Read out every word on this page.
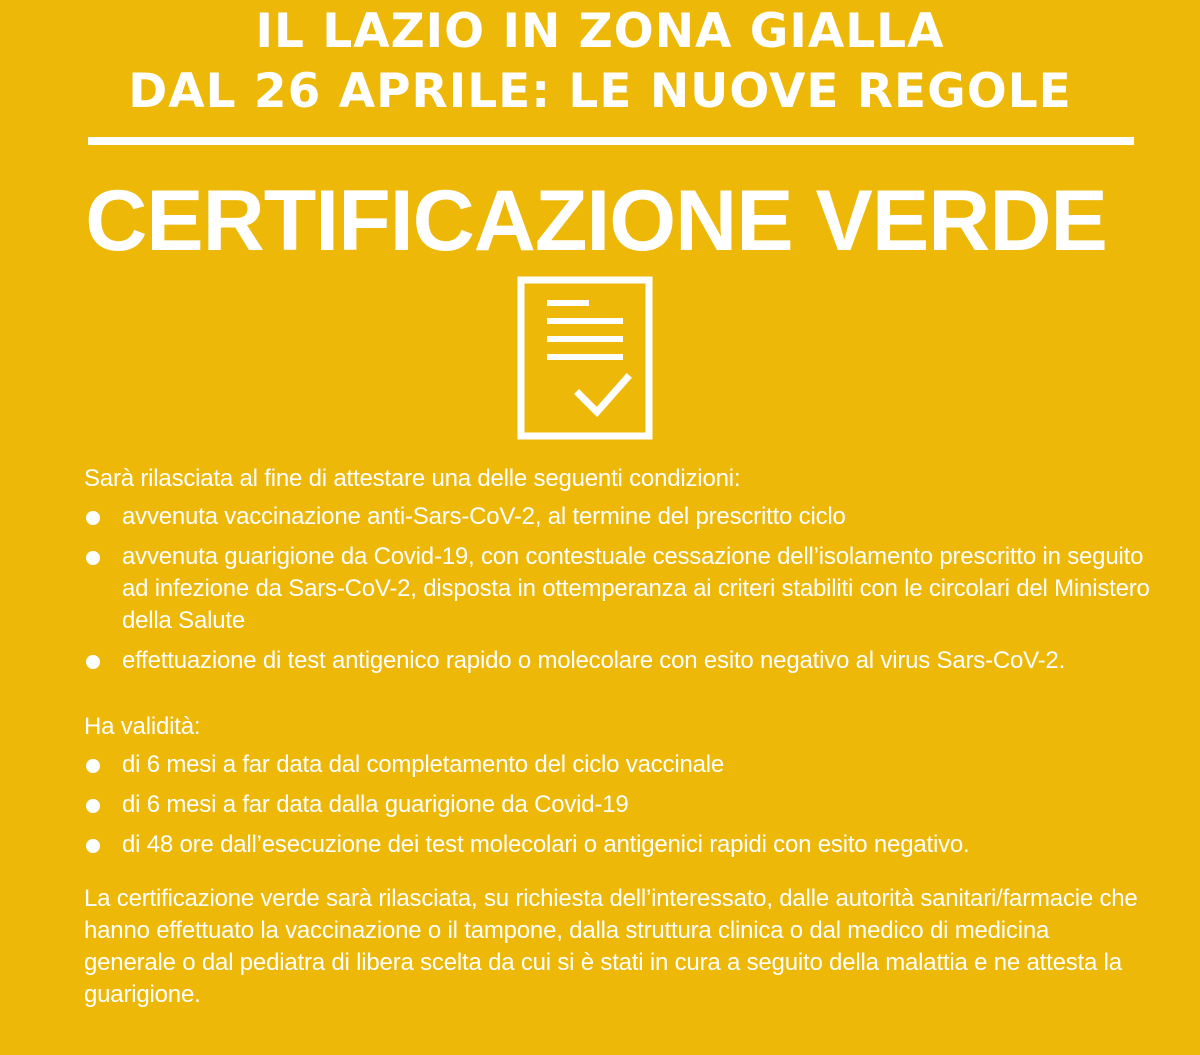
IL LAZIO IN ZONA GIALLA
DAL 26 APRILE: LE NUOVE REGOLE
CERTIFICAZIONE VERDE

Sarà rilasciata al fine di attestare una delle seguenti condizioni:

avvenuta vaccinazione anti-Sars-CoV-2, al termine del prescritto ciclo
avvenuta guarigione da Covid-19, con contestuale cessazione dell’isolamento prescritto in seguito ad infezione da Sars-CoV-2, disposta in ottemperanza ai criteri stabiliti con le circolari del Ministero della Salute
effettuazione di test antigenico rapido o molecolare con esito negativo al virus Sars-CoV-2.

Ha validità:

di 6 mesi a far data dal completamento del ciclo vaccinale
di 6 mesi a far data dalla guarigione da Covid-19
di 48 ore dall’esecuzione dei test molecolari o antigenici rapidi con esito negativo.

La certificazione verde sarà rilasciata, su richiesta dell’interessato, dalle autorità sanitari/farmacie che hanno effettuato la vaccinazione o il tampone, dalla struttura clinica o dal medico di medicina generale o dal pediatra di libera scelta da cui si è stati in cura a seguito della malattia e ne attesta la guarigione.
